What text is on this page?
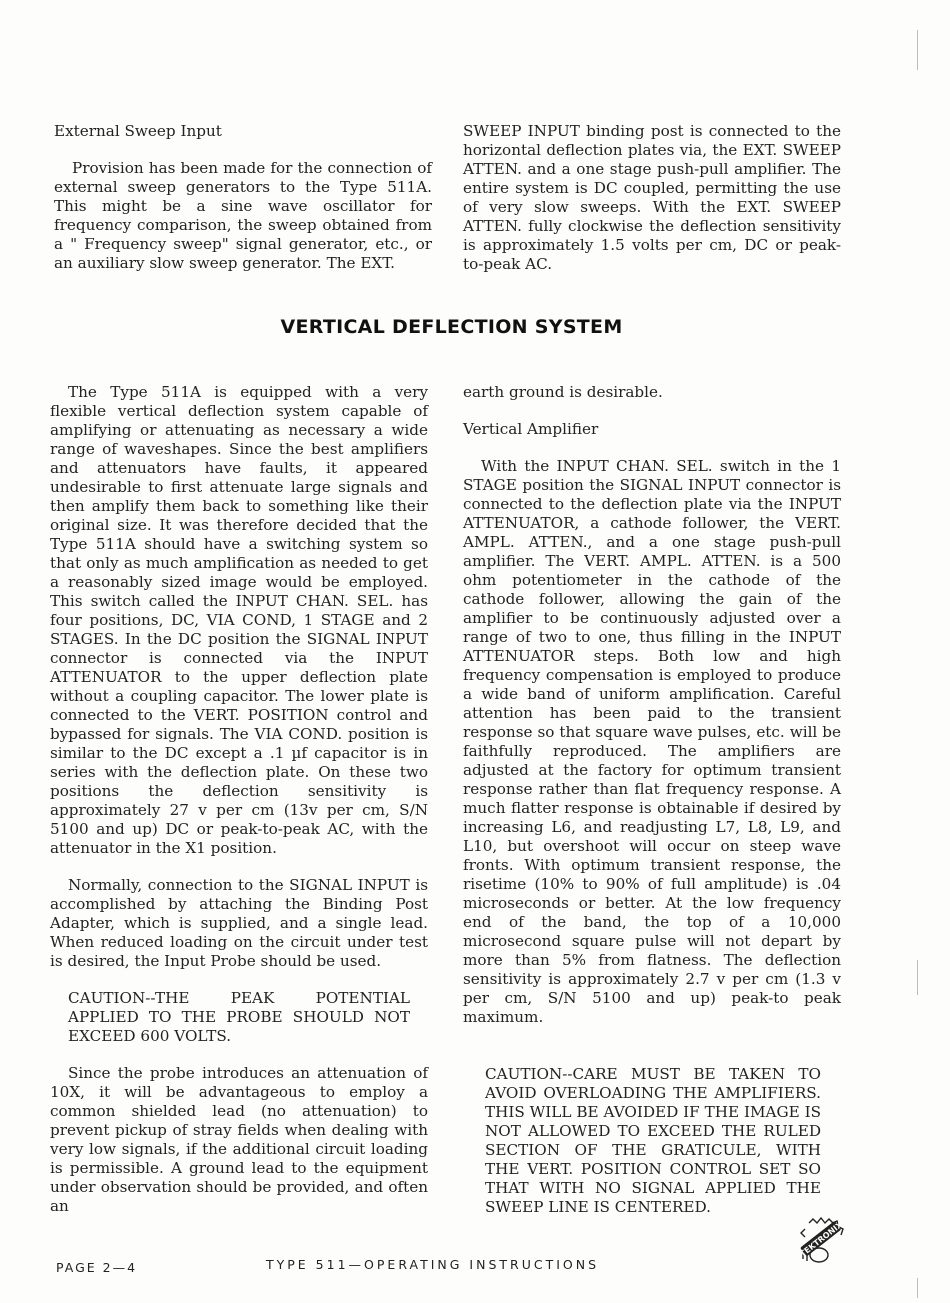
External Sweep Input

Provision has been made for the connection of external sweep generators to the Type 511A. This might be a sine wave oscillator for frequency comparison, the sweep obtained from a " Frequency sweep" signal generator, etc., or an auxiliary slow sweep generator. The EXT.

SWEEP INPUT binding post is connected to the horizontal deflection plates via, the EXT. SWEEP ATTEN. and a one stage push-pull amplifier. The entire system is DC coupled, permitting the use of very slow sweeps. With the EXT. SWEEP ATTEN. fully clockwise the deflection sensitivity is approximately 1.5 volts per cm, DC or peak-to-peak AC.

VERTICAL DEFLECTION SYSTEM

The Type 511A is equipped with a very flexible vertical deflection system capable of amplifying or attenuating as necessary a wide range of waveshapes. Since the best amplifiers and attenuators have faults, it appeared undesirable to first attenuate large signals and then amplify them back to something like their original size. It was therefore decided that the Type 511A should have a switching system so that only as much amplification as needed to get a reasonably sized image would be employed. This switch called the INPUT CHAN. SEL. has four positions, DC, VIA COND, 1 STAGE and 2 STAGES. In the DC position the SIGNAL INPUT connector is connected via the INPUT ATTENUATOR to the upper deflection plate without a coupling capacitor. The lower plate is connected to the VERT. POSITION control and bypassed for signals. The VIA COND. position is similar to the DC except a .1 µf capacitor is in series with the deflection plate. On these two positions the deflection sensitivity is approximately 27 v per cm (13v per cm, S/N 5100 and up) DC or peak-to-peak AC, with the attenuator in the X1 position.

Normally, connection to the SIGNAL INPUT is accomplished by attaching the Binding Post Adapter, which is supplied, and a single lead. When reduced loading on the circuit under test is desired, the Input Probe should be used.

CAUTION--THE PEAK POTENTIAL APPLIED TO THE PROBE SHOULD NOT EXCEED 600 VOLTS.

Since the probe introduces an attenuation of 10X, it will be advantageous to employ a common shielded lead (no attenuation) to prevent pickup of stray fields when dealing with very low signals, if the additional circuit loading is permissible. A ground lead to the equipment under observation should be provided, and often an

earth ground is desirable.

Vertical Amplifier

With the INPUT CHAN. SEL. switch in the 1 STAGE position the SIGNAL INPUT connector is connected to the deflection plate via the INPUT ATTENUATOR, a cathode follower, the VERT. AMPL. ATTEN., and a one stage push-pull amplifier. The VERT. AMPL. ATTEN. is a 500 ohm potentiometer in the cathode of the cathode follower, allowing the gain of the amplifier to be continuously adjusted over a range of two to one, thus filling in the INPUT ATTENUATOR steps. Both low and high frequency compensation is employed to produce a wide band of uniform amplification. Careful attention has been paid to the transient response so that square wave pulses, etc. will be faithfully reproduced. The amplifiers are adjusted at the factory for optimum transient response rather than flat frequency response. A much flatter response is obtainable if desired by increasing L6, and readjusting L7, L8, L9, and L10, but overshoot will occur on steep wave fronts. With optimum transient response, the risetime (10% to 90% of full amplitude) is .04 microseconds or better. At the low frequency end of the band, the top of a 10,000 microsecond square pulse will not depart by more than 5% from flatness. The deflection sensitivity is approximately 2.7 v per cm (1.3 v per cm, S/N 5100 and up) peak-to peak maximum.

CAUTION--CARE MUST BE TAKEN TO AVOID OVERLOADING THE AMPLIFIERS. THIS WILL BE AVOIDED IF THE IMAGE IS NOT ALLOWED TO EXCEED THE RULED SECTION OF THE GRATICULE, WITH THE VERT. POSITION CONTROL SET SO THAT WITH NO SIGNAL APPLIED THE SWEEP LINE IS CENTERED.

PAGE 2—4	TYPE 511—OPERATING INSTRUCTIONS
TEKTRONIX
